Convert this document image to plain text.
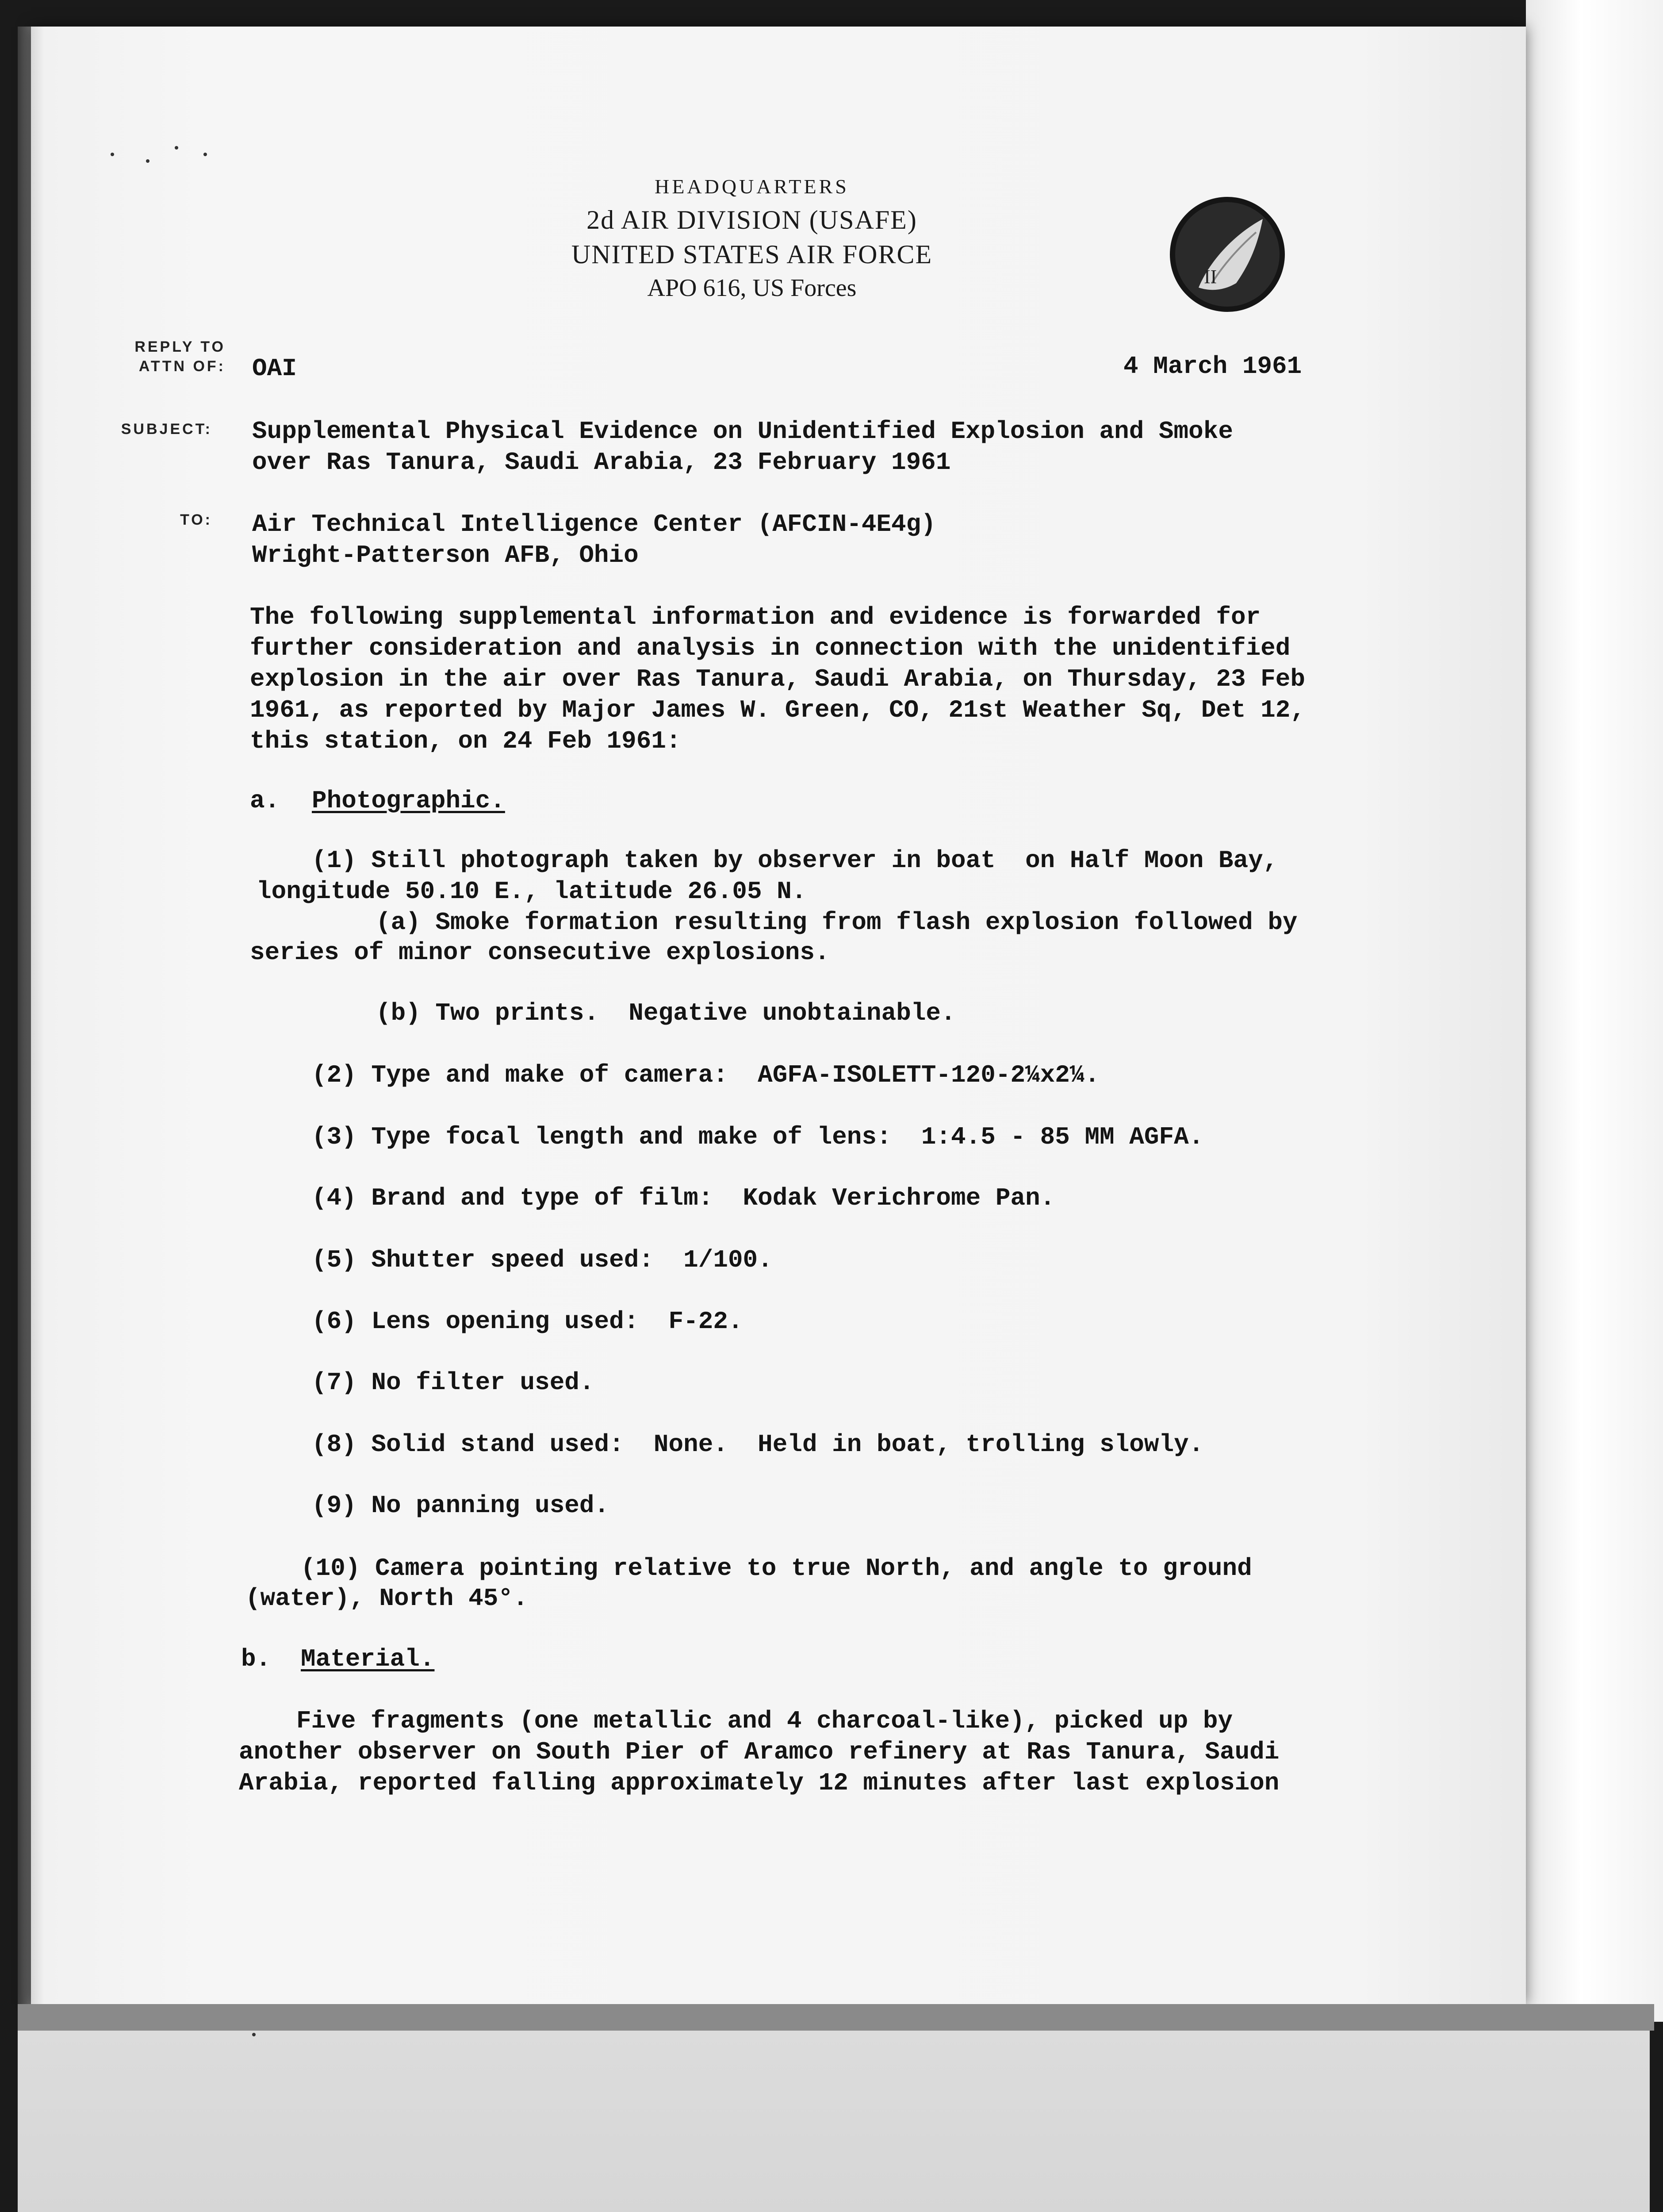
HEADQUARTERS
2d AIR DIVISION (USAFE)
UNITED STATES AIR FORCE
APO 616, US Forces	II
REPLY TO
ATTN OF:
SUBJECT:
TO:
OAI	4 March 1961
Supplemental Physical Evidence on Unidentified Explosion and Smoke
over Ras Tanura, Saudi Arabia, 23 February 1961
Air Technical Intelligence Center (AFCIN-4E4g)
Wright-Patterson AFB, Ohio
The following supplemental information and evidence is forwarded for
further consideration and analysis in connection with the unidentified
explosion in the air over Ras Tanura, Saudi Arabia, on Thursday, 23 Feb
1961, as reported by Major James W. Green, CO, 21st Weather Sq, Det 12,
this station, on 24 Feb 1961:
a. Photographic.
(1) Still photograph taken by observer in boat  on Half Moon Bay,
longitude 50.10 E., latitude 26.05 N.
(a) Smoke formation resulting from flash explosion followed by
series of minor consecutive explosions.
(b) Two prints.  Negative unobtainable.
(2) Type and make of camera:  AGFA-ISOLETT-120-2¼x2¼.
(3) Type focal length and make of lens:  1:4.5 - 85 MM AGFA.
(4) Brand and type of film:  Kodak Verichrome Pan.
(5) Shutter speed used:  1/100.
(6) Lens opening used:  F-22.
(7) No filter used.
(8) Solid stand used:  None.  Held in boat, trolling slowly.
(9) No panning used.
(10) Camera pointing relative to true North, and angle to ground
(water), North 45°.
b. Material.
Five fragments (one metallic and 4 charcoal-like), picked up by
another observer on South Pier of Aramco refinery at Ras Tanura, Saudi
Arabia, reported falling approximately 12 minutes after last explosion
